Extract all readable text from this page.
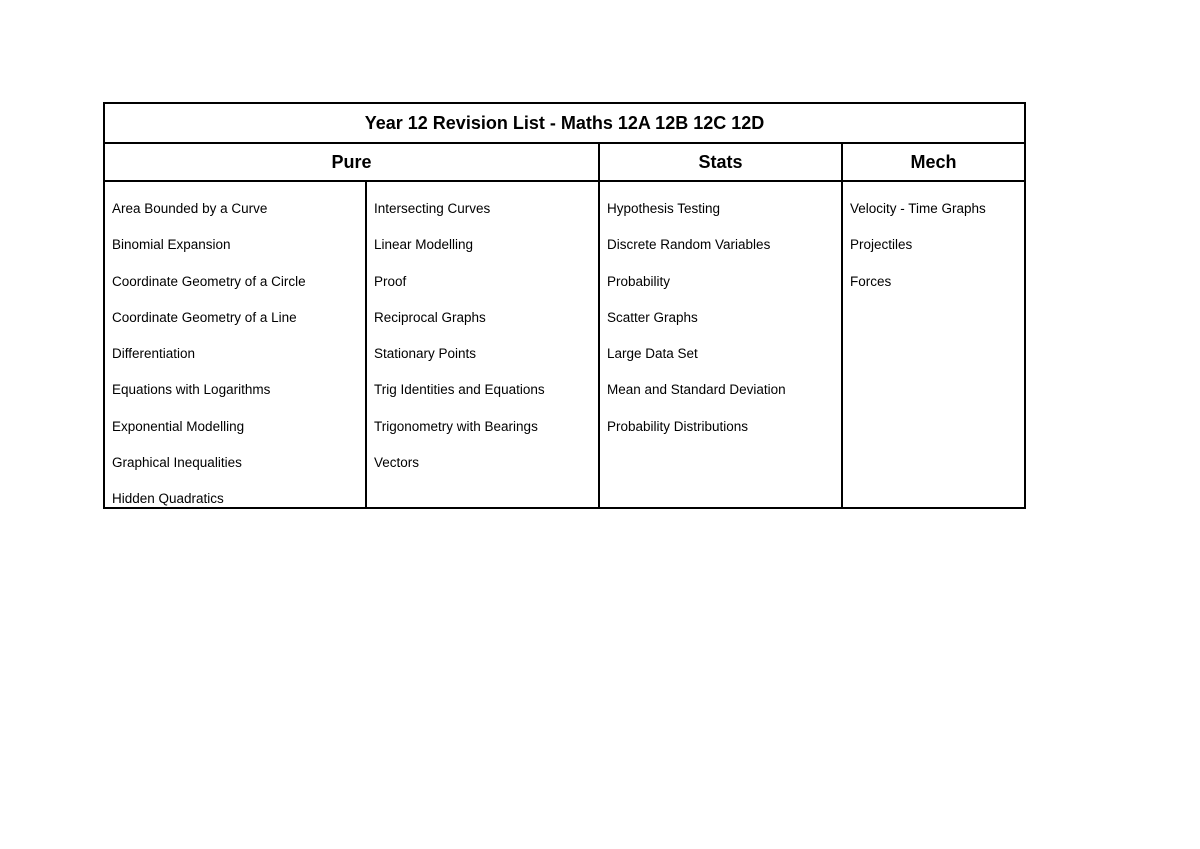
Year 12 Revision List - Maths 12A 12B 12C 12D
Pure	Stats	Mech
Area Bounded by a Curve
Binomial Expansion
Coordinate Geometry of a Circle
Coordinate Geometry of a Line
Differentiation
Equations with Logarithms
Exponential Modelling
Graphical Inequalities
Hidden Quadratics
Intersecting Curves
Linear Modelling
Proof
Reciprocal Graphs
Stationary Points
Trig Identities and Equations
Trigonometry with Bearings
Vectors
Hypothesis Testing
Discrete Random Variables
Probability
Scatter Graphs
Large Data Set
Mean and Standard Deviation
Probability Distributions
Velocity - Time Graphs
Projectiles
Forces
